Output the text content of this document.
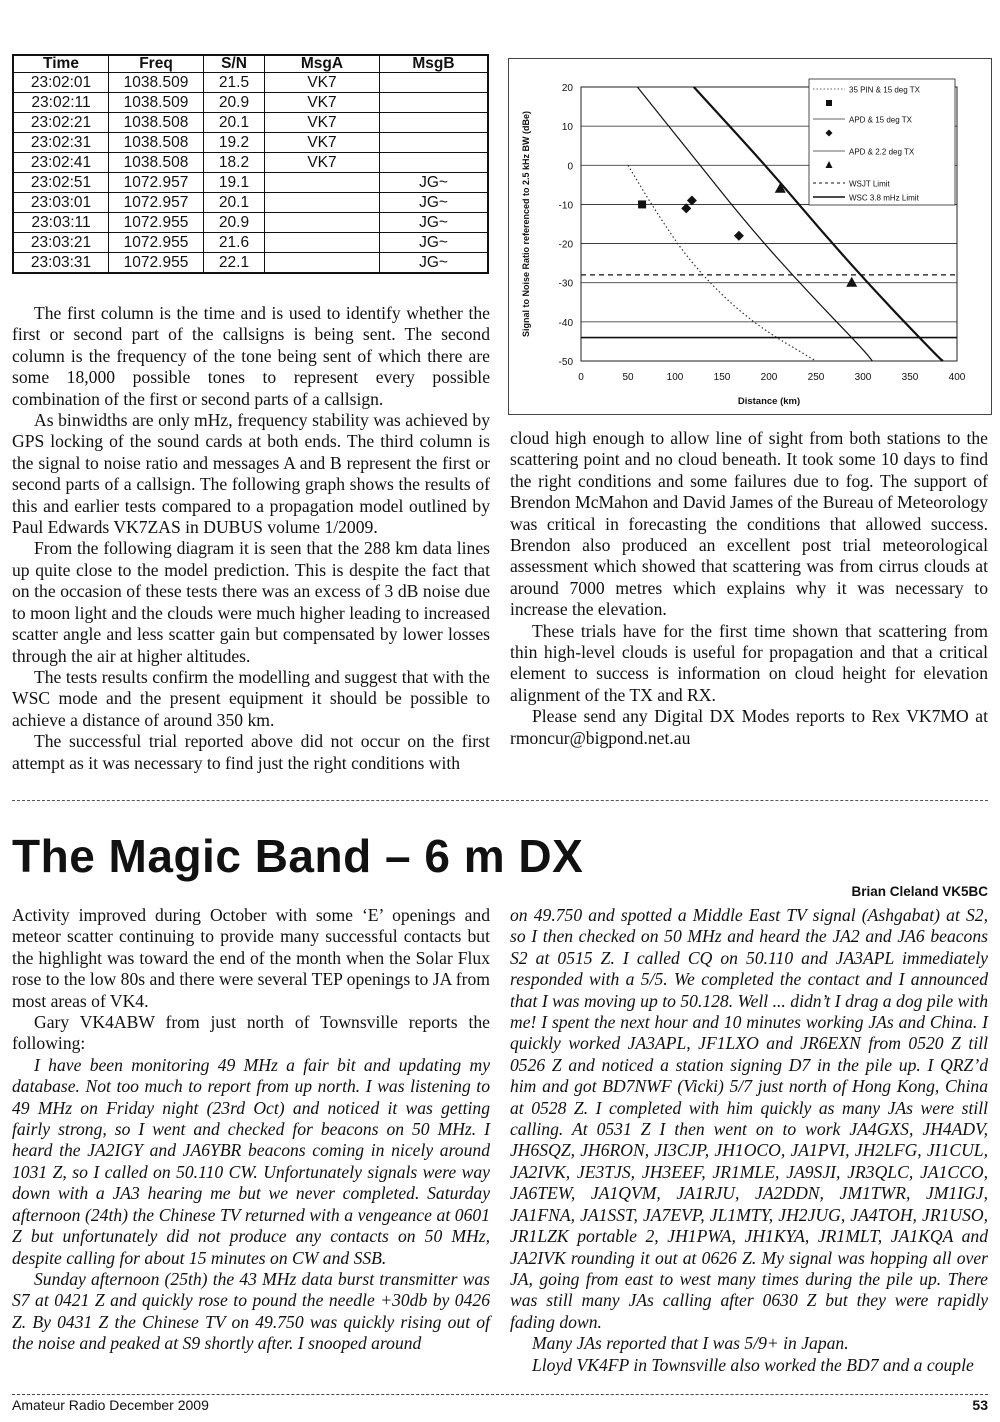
Time	Freq	S/N	MsgA	MsgB
23:02:01	1038.509	21.5	VK7	
23:02:11	1038.509	20.9	VK7	
23:02:21	1038.508	20.1	VK7	
23:02:31	1038.508	19.2	VK7	
23:02:41	1038.508	18.2	VK7	
23:02:51	1072.957	19.1		JG~
23:03:01	1072.957	20.1		JG~
23:03:11	1072.955	20.9		JG~
23:03:21	1072.955	21.6		JG~
23:03:31	1072.955	22.1		JG~
20
10
0
-10
-20
-30
-40
-50
0	50	100	150	200	250	300	350	400
Distance (km)
Signal to Noise Ratio referenced to 2.5 kHz BW (dBe)
35 PIN & 15 deg TX
APD & 15 deg TX
APD & 2.2 deg TX
WSJT Limit
WSC 3.8 mHz Limit

The first column is the time and is used to identify whether the first or second part of the callsigns is being sent. The second column is the frequency of the tone being sent of which there are some 18,000 possible tones to represent every possible combination of the first or second parts of a callsign.

As binwidths are only mHz, frequency stability was achieved by GPS locking of the sound cards at both ends. The third column is the signal to noise ratio and messages A and B represent the first or second parts of a callsign. The following graph shows the results of this and earlier tests compared to a propagation model outlined by Paul Edwards VK7ZAS in DUBUS volume 1/2009.

From the following diagram it is seen that the 288 km data lines up quite close to the model prediction. This is despite the fact that on the occasion of these tests there was an excess of 3 dB noise due to moon light and the clouds were much higher leading to increased scatter angle and less scatter gain but compensated by lower losses through the air at higher altitudes.

The tests results confirm the modelling and suggest that with the WSC mode and the present equipment it should be possible to achieve a distance of around 350 km.

The successful trial reported above did not occur on the first attempt as it was necessary to find just the right conditions with

cloud high enough to allow line of sight from both stations to the scattering point and no cloud beneath. It took some 10 days to find the right conditions and some failures due to fog. The support of Brendon McMahon and David James of the Bureau of Meteorology was critical in forecasting the conditions that allowed success. Brendon also produced an excellent post trial meteorological assessment which showed that scattering was from cirrus clouds at around 7000 metres which explains why it was necessary to increase the elevation.

These trials have for the first time shown that scattering from thin high-level clouds is useful for propagation and that a critical element to success is information on cloud height for elevation alignment of the TX and RX.

Please send any Digital DX Modes reports to Rex VK7MO at rmoncur@bigpond.net.au

The Magic Band – 6 m DX
Brian Cleland VK5BC

Activity improved during October with some ‘E’ openings and meteor scatter continuing to provide many successful contacts but the highlight was toward the end of the month when the Solar Flux rose to the low 80s and there were several TEP openings to JA from most areas of VK4.

Gary VK4ABW from just north of Townsville reports the following:

I have been monitoring 49 MHz a fair bit and updating my database. Not too much to report from up north. I was listening to 49 MHz on Friday night (23rd Oct) and noticed it was getting fairly strong, so I went and checked for beacons on 50 MHz. I heard the JA2IGY and JA6YBR beacons coming in nicely around 1031 Z, so I called on 50.110 CW. Unfortunately signals were way down with a JA3 hearing me but we never completed. Saturday afternoon (24th) the Chinese TV returned with a vengeance at 0601 Z but unfortunately did not produce any contacts on 50 MHz, despite calling for about 15 minutes on CW and SSB.

Sunday afternoon (25th) the 43 MHz data burst transmitter was S7 at 0421 Z and quickly rose to pound the needle +30db by 0426 Z. By 0431 Z the Chinese TV on 49.750 was quickly rising out of the noise and peaked at S9 shortly after. I snooped around

on 49.750 and spotted a Middle East TV signal (Ashgabat) at S2, so I then checked on 50 MHz and heard the JA2 and JA6 beacons S2 at 0515 Z. I called CQ on 50.110 and JA3APL immediately responded with a 5/5. We completed the contact and I announced that I was moving up to 50.128. Well ... didn’t I drag a dog pile with me! I spent the next hour and 10 minutes working JAs and China. I quickly worked JA3APL, JF1LXO and JR6EXN from 0520 Z till 0526 Z and noticed a station signing D7 in the pile up. I QRZ’d him and got BD7NWF (Vicki) 5/7 just north of Hong Kong, China at 0528 Z. I completed with him quickly as many JAs were still calling. At 0531 Z I then went on to work JA4GXS, JH4ADV, JH6SQZ, JH6RON, JI3CJP, JH1OCO, JA1PVI, JH2LFG, JI1CUL, JA2IVK, JE3TJS, JH3EEF, JR1MLE, JA9SJI, JR3QLC, JA1CCO, JA6TEW, JA1QVM, JA1RJU, JA2DDN, JM1TWR, JM1IGJ, JA1FNA, JA1SST, JA7EVP, JL1MTY, JH2JUG, JA4TOH, JR1USO, JR1LZK portable 2, JH1PWA, JH1KYA, JR1MLT, JA1KQA and JA2IVK rounding it out at 0626 Z. My signal was hopping all over JA, going from east to west many times during the pile up. There was still many JAs calling after 0630 Z but they were rapidly fading down.

Many JAs reported that I was 5/9+ in Japan.

Lloyd VK4FP in Townsville also worked the BD7 and a couple

Amateur Radio December 2009	53
